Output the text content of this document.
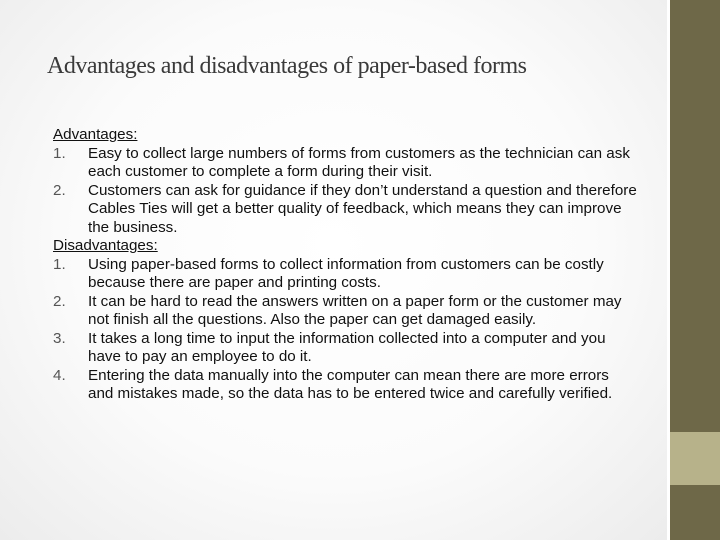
Advantages and disadvantages of paper-based forms
Advantages:
1.	Easy to collect large numbers of forms from customers as the technician can ask each customer to complete a form during their visit.
2.	Customers can ask for guidance if they don’t understand a question and therefore Cables Ties will get a better quality of feedback, which means they can improve the business.
Disadvantages:
1.	Using paper-based forms to collect information from customers can be costly because there are paper and printing costs.
2.	It can be hard to read the answers written on a paper form or the customer may not finish all the questions. Also the paper can get damaged easily.
3.	It takes a long time to input the information collected into a computer and you have to pay an employee to do it.
4.	Entering the data manually into the computer can mean there are more errors and mistakes made, so the data has to be entered twice and carefully verified.
